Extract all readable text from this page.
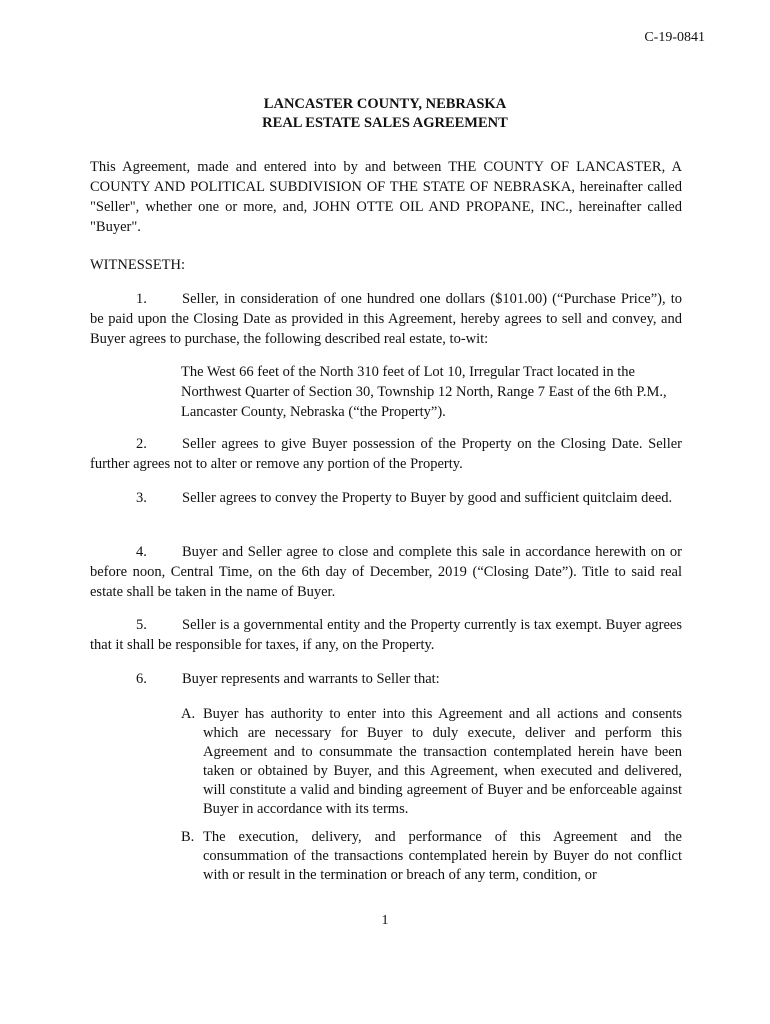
C-19-0841
LANCASTER COUNTY, NEBRASKA
REAL ESTATE SALES AGREEMENT
This Agreement, made and entered into by and between THE COUNTY OF LANCASTER, A COUNTY AND POLITICAL SUBDIVISION OF THE STATE OF NEBRASKA, hereinafter called "Seller", whether one or more, and, JOHN OTTE OIL AND PROPANE, INC., hereinafter called "Buyer".
WITNESSETH:
1. Seller, in consideration of one hundred one dollars ($101.00) (“Purchase Price”), to be paid upon the Closing Date as provided in this Agreement, hereby agrees to sell and convey, and Buyer agrees to purchase, the following described real estate, to-wit:
The West 66 feet of the North 310 feet of Lot 10, Irregular Tract located in the Northwest Quarter of Section 30, Township 12 North, Range 7 East of the 6th P.M., Lancaster County, Nebraska (“the Property”).
2. Seller agrees to give Buyer possession of the Property on the Closing Date. Seller further agrees not to alter or remove any portion of the Property.
3. Seller agrees to convey the Property to Buyer by good and sufficient quitclaim deed.
4. Buyer and Seller agree to close and complete this sale in accordance herewith on or before noon, Central Time, on the 6th day of December, 2019 (“Closing Date”). Title to said real estate shall be taken in the name of Buyer.
5. Seller is a governmental entity and the Property currently is tax exempt. Buyer agrees that it shall be responsible for taxes, if any, on the Property.
6. Buyer represents and warrants to Seller that:
A. Buyer has authority to enter into this Agreement and all actions and consents which are necessary for Buyer to duly execute, deliver and perform this Agreement and to consummate the transaction contemplated herein have been taken or obtained by Buyer, and this Agreement, when executed and delivered, will constitute a valid and binding agreement of Buyer and be enforceable against Buyer in accordance with its terms.
B. The execution, delivery, and performance of this Agreement and the consummation of the transactions contemplated herein by Buyer do not conflict with or result in the termination or breach of any term, condition, or
1
